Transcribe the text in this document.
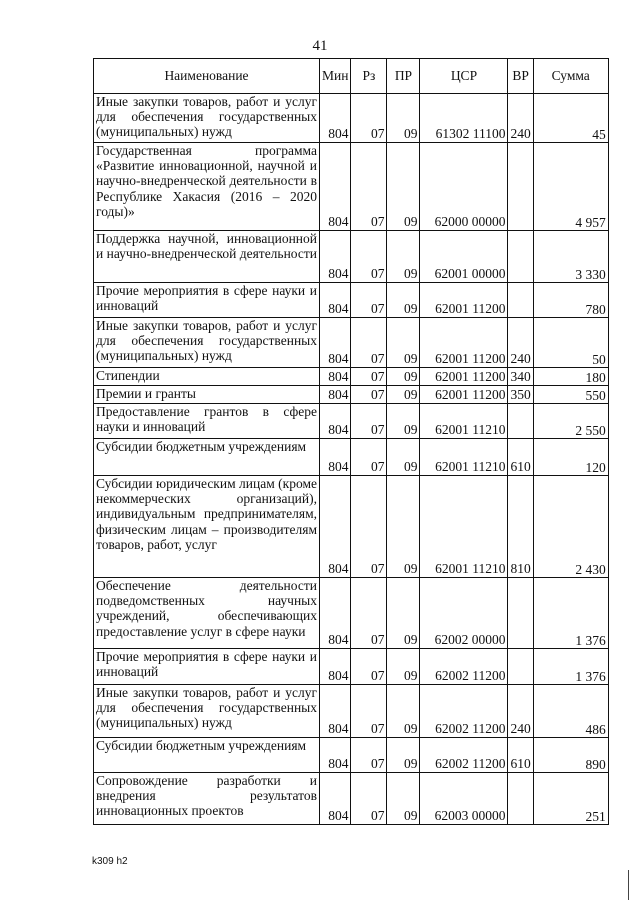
41
Наименование	Мин	Рз	ПР	ЦСР	ВР	Сумма
Иные закупки товаров, работ и услуг для обеспечения государственных (муниципальных) нужд	804	07	09	61302 11100	240	45
Государственная программа «Развитие инновационной, научной и научно-внедренческой деятельности в Республике Хакасия (2016 – 2020 годы)»	804	07	09	62000 00000		4 957
Поддержка научной, инновационной и научно-внедренческой деятельности	804	07	09	62001 00000		3 330
Прочие мероприятия в сфере науки и инноваций	804	07	09	62001 11200		780
Иные закупки товаров, работ и услуг для обеспечения государственных (муниципальных) нужд	804	07	09	62001 11200	240	50
Стипендии	804	07	09	62001 11200	340	180
Премии и гранты	804	07	09	62001 11200	350	550
Предоставление грантов в сфере науки и инноваций	804	07	09	62001 11210		2 550
Субсидии бюджетным учреждениям	804	07	09	62001 11210	610	120
Субсидии юридическим лицам (кроме некоммерческих организаций), индивидуальным предпринимателям, физическим лицам – производителям товаров, работ, услуг	804	07	09	62001 11210	810	2 430
Обеспечение деятельности подведомственных научных учреждений, обеспечивающих предоставление услуг в сфере науки	804	07	09	62002 00000		1 376
Прочие мероприятия в сфере науки и инноваций	804	07	09	62002 11200		1 376
Иные закупки товаров, работ и услуг для обеспечения государственных (муниципальных) нужд	804	07	09	62002 11200	240	486
Субсидии бюджетным учреждениям	804	07	09	62002 11200	610	890
Сопровождение разработки и внедрения результатов инновационных проектов	804	07	09	62003 00000		251
k309 h2
